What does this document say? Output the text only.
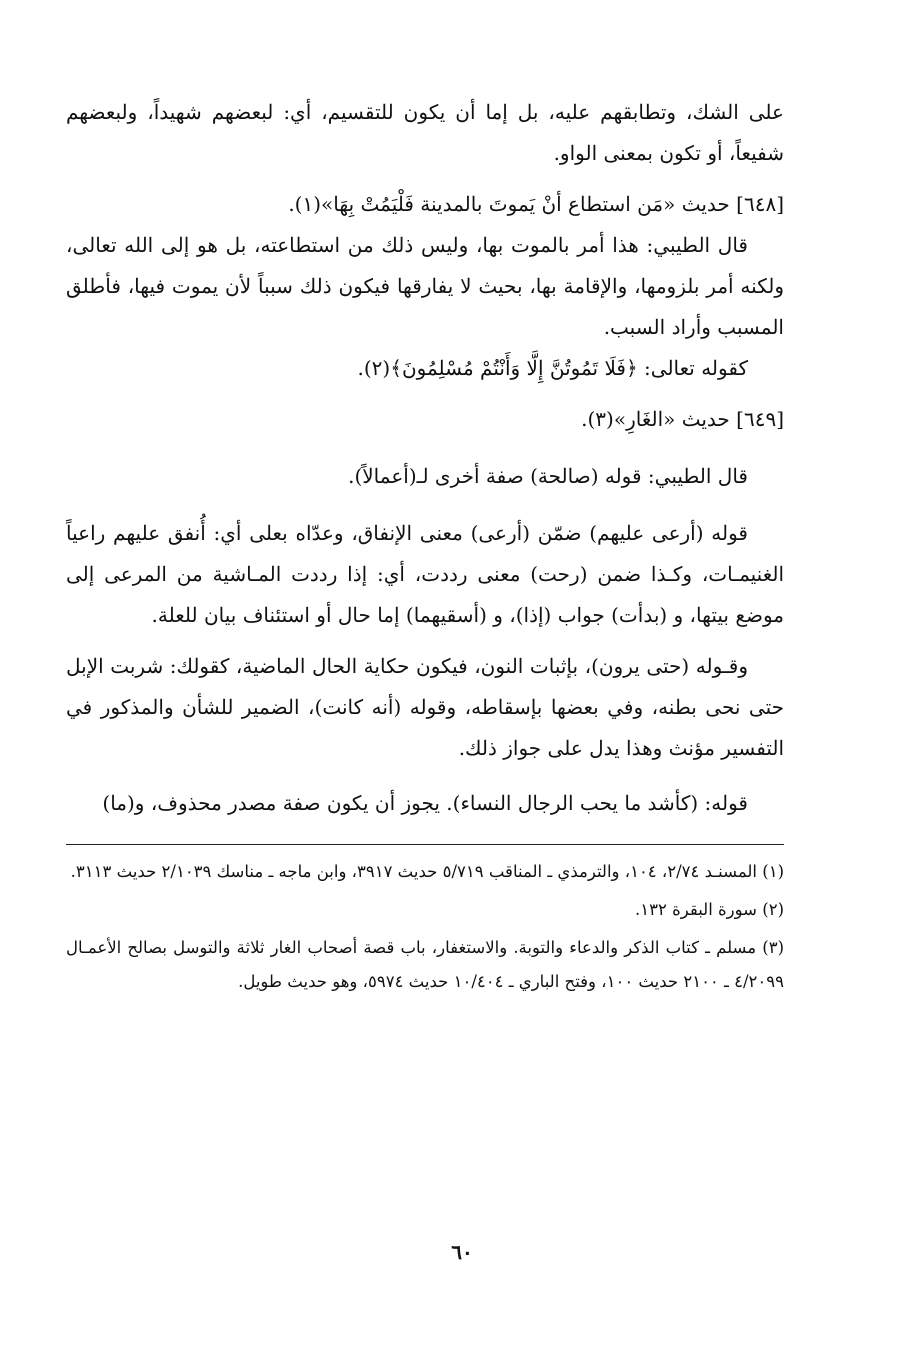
على الشك، وتطابقهم عليه، بل إما أن يكون للتقسيم، أي: لبعضهم شهيداً، ولبعضهم شفيعاً، أو تكون بمعنى الواو.

[٦٤٨] حديث «مَن استطاع أنْ يَموتَ بالمدينة فَلْيَمُتْ بِهَا»(١).

قال الطيبي: هذا أمر بالموت بها، وليس ذلك من استطاعته، بل هو إلى الله تعالى، ولكنه أمر بلزومها، والإقامة بها، بحيث لا يفارقها فيكون ذلك سبباً لأن يموت فيها، فأطلق المسبب وأراد السبب.

كقوله تعالى: ﴿فَلَا تَمُوتُنَّ إِلَّا وَأَنْتُمْ مُسْلِمُونَ﴾(٢).

[٦٤٩] حديث «الغَارِ»(٣).

قال الطيبي: قوله (صالحة) صفة أخرى لـ(أعمالاً).

قوله (أرعى عليهم) ضمّن (أرعى) معنى الإنفاق، وعدّاه بعلى أي: أُنفق عليهم راعياً الغنيمـات، وكـذا ضمن (رحت) معنى رددت، أي: إذا رددت المـاشية من المرعى إلى موضع بيتها، و (بدأت) جواب (إذا)، و (أسقيهما) إما حال أو استئناف بيان للعلة.

وقـوله (حتى يرون)، بإثبات النون، فيكون حكاية الحال الماضية، كقولك: شربت الإبل حتى نحى بطنه، وفي بعضها بإسقاطه، وقوله (أنه كانت)، الضمير للشأن والمذكور في التفسير مؤنث وهذا يدل على جواز ذلك.

قوله: (كأشد ما يحب الرجال النساء). يجوز أن يكون صفة مصدر محذوف، و(ما)

(١) المسنـد ٢/٧٤، ١٠٤، والترمذي ـ المناقب ٥/٧١٩ حديث ٣٩١٧، وابن ماجه ـ مناسك ٢/١٠٣٩ حديث ٣١١٣.

(٢) سورة البقرة ١٣٢.

(٣) مسلم ـ كتاب الذكر والدعاء والتوبة. والاستغفار، باب قصة أصحاب الغار ثلاثة والتوسل بصالح الأعمـال ٤/٢٠٩٩ ـ ٢١٠٠ حديث ١٠٠، وفتح الباري ـ ١٠/٤٠٤ حديث ٥٩٧٤، وهو حديث طويل.

٦٠
